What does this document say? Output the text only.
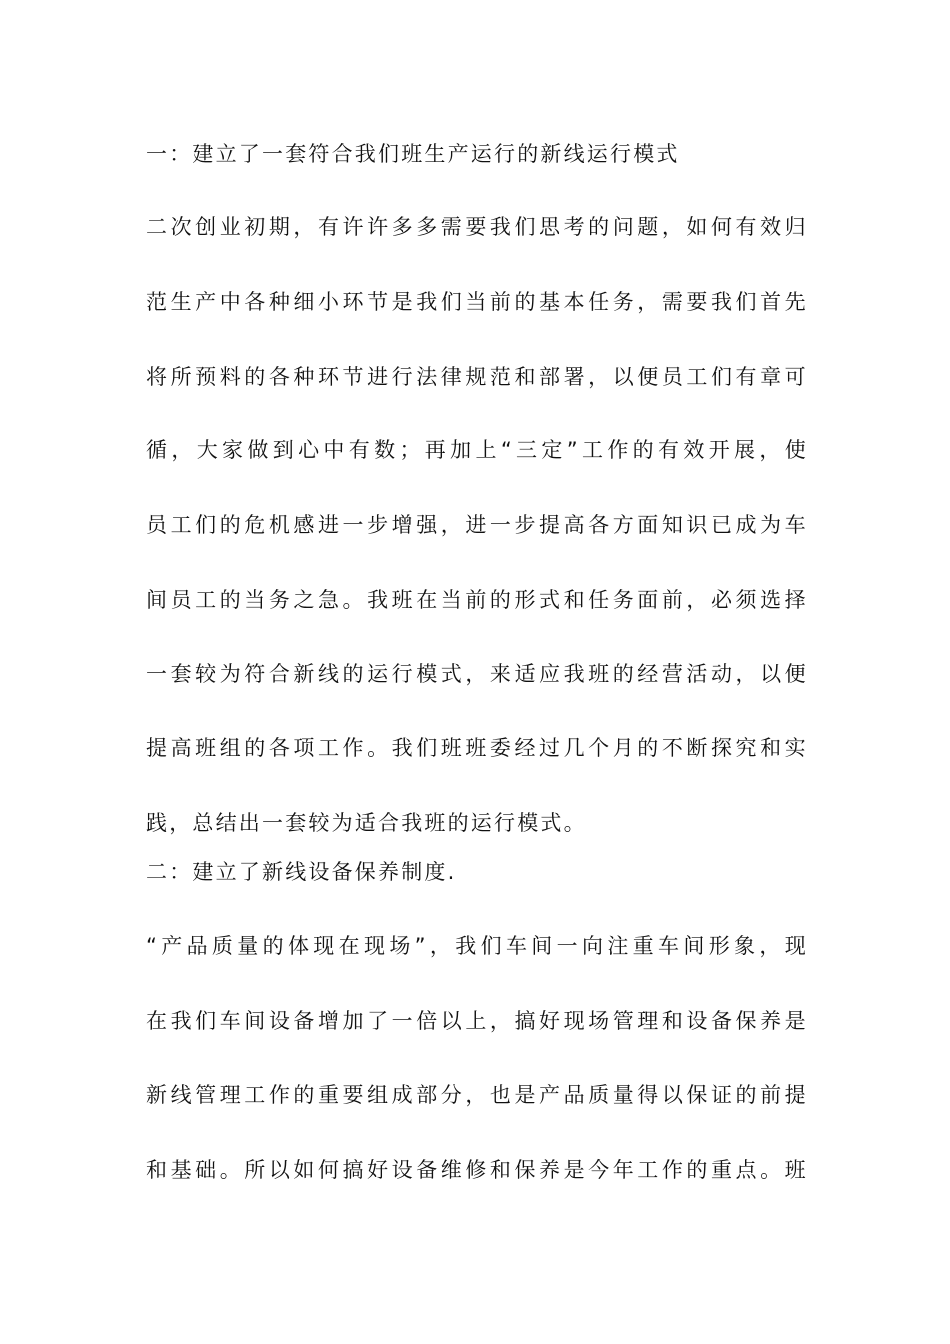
一：建立了一套符合我们班生产运行的新线运行模式
二 次 创 业 初 期 ， 有 许 许 多 多 需 要 我 们 思 考 的 问 题 ， 如 何 有 效 归
范 生 产 中 各 种 细 小 环 节 是 我 们 当 前 的 基 本 任 务 ， 需 要 我 们 首 先
将 所 预 料 的 各 种 环 节 进 行 法 律 规 范 和 部 署 ， 以 便 员 工 们 有 章 可
循 ， 大 家 做 到 心 中 有 数 ； 再 加 上 “ 三 定 ” 工 作 的 有 效 开 展 ， 使
员 工 们 的 危 机 感 进 一 步 增 强 ， 进 一 步 提 高 各 方 面 知 识 已 成 为 车
间 员 工 的 当 务 之 急 。 我 班 在 当 前 的 形 式 和 任 务 面 前 ， 必 须 选 择
一 套 较 为 符 合 新 线 的 运 行 模 式 ， 来 适 应 我 班 的 经 营 活 动 ， 以 便
提 高 班 组 的 各 项 工 作 。 我 们 班 班 委 经 过 几 个 月 的 不 断 探 究 和 实
践，总结出一套较为适合我班的运行模式。
二：建立了新线设备保养制度.
“ 产 品 质 量 的 体 现 在 现 场 ” ， 我 们 车 间 一 向 注 重 车 间 形 象 ， 现
在 我 们 车 间 设 备 增 加 了 一 倍 以 上 ， 搞 好 现 场 管 理 和 设 备 保 养 是
新 线 管 理 工 作 的 重 要 组 成 部 分 ， 也 是 产 品 质 量 得 以 保 证 的 前 提
和 基 础 。 所 以 如 何 搞 好 设 备 维 修 和 保 养 是 今 年 工 作 的 重 点 。 班
